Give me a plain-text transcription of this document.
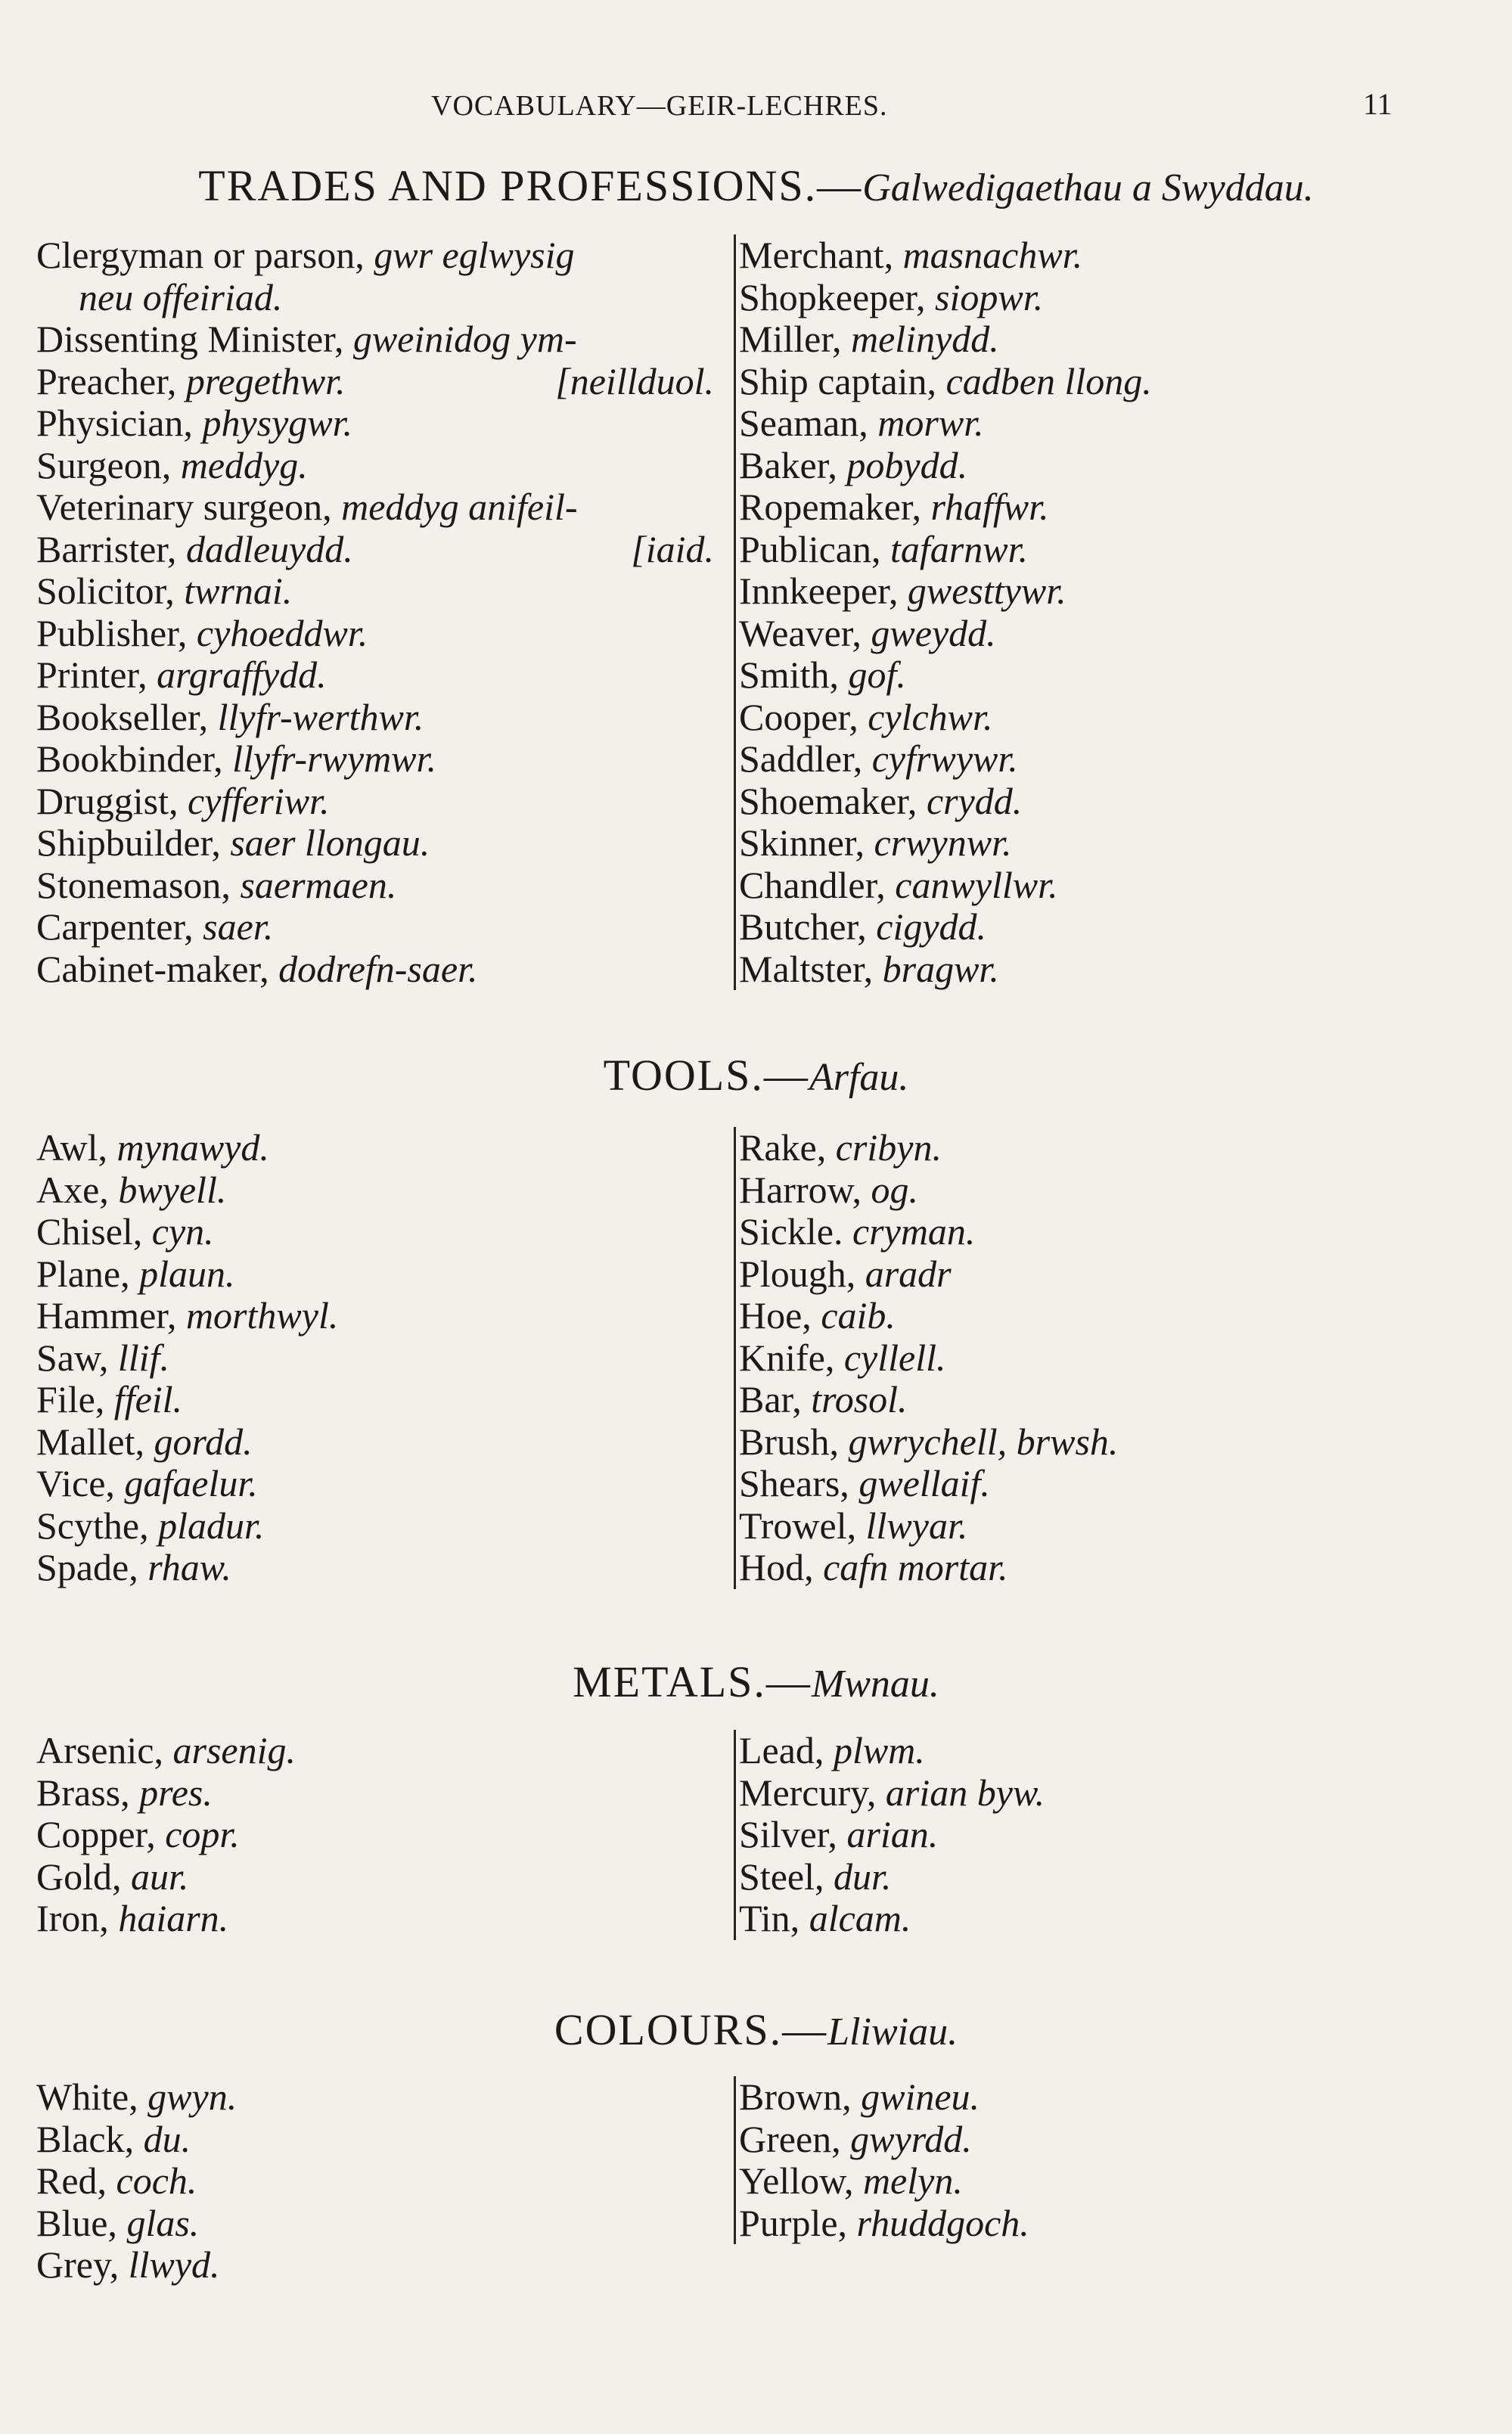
VOCABULARY—GEIR-LECHRES.	11
TRADES AND PROFESSIONS.—Galwedigaethau a Swyddau.
Clergyman or parson, gwr eglwysig
neu offeiriad.
Dissenting Minister, gweinidog ym-
Preacher, pregethwr.	[neillduol.
Physician, physygwr.
Surgeon, meddyg.
Veterinary surgeon, meddyg anifeil-
Barrister, dadleuydd.	[iaid.
Solicitor, twrnai.
Publisher, cyhoeddwr.
Printer, argraffydd.
Bookseller, llyfr-werthwr.
Bookbinder, llyfr-rwymwr.
Druggist, cyfferiwr.
Shipbuilder, saer llongau.
Stonemason, saermaen.
Carpenter, saer.
Cabinet-maker, dodrefn-saer.
Merchant, masnachwr.
Shopkeeper, siopwr.
Miller, melinydd.
Ship captain, cadben llong.
Seaman, morwr.
Baker, pobydd.
Ropemaker, rhaffwr.
Publican, tafarnwr.
Innkeeper, gwesttywr.
Weaver, gweydd.
Smith, gof.
Cooper, cylchwr.
Saddler, cyfrwywr.
Shoemaker, crydd.
Skinner, crwynwr.
Chandler, canwyllwr.
Butcher, cigydd.
Maltster, bragwr.
TOOLS.—Arfau.
Awl, mynawyd.
Axe, bwyell.
Chisel, cyn.
Plane, plaun.
Hammer, morthwyl.
Saw, llif.
File, ffeil.
Mallet, gordd.
Vice, gafaelur.
Scythe, pladur.
Spade, rhaw.
Rake, cribyn.
Harrow, og.
Sickle. cryman.
Plough, aradr
Hoe, caib.
Knife, cyllell.
Bar, trosol.
Brush, gwrychell, brwsh.
Shears, gwellaif.
Trowel, llwyar.
Hod, cafn mortar.
METALS.—Mwnau.
Arsenic, arsenig.
Brass, pres.
Copper, copr.
Gold, aur.
Iron, haiarn.
Lead, plwm.
Mercury, arian byw.
Silver, arian.
Steel, dur.
Tin, alcam.
COLOURS.—Lliwiau.
White, gwyn.
Black, du.
Red, coch.
Blue, glas.
Grey, llwyd.
Brown, gwineu.
Green, gwyrdd.
Yellow, melyn.
Purple, rhuddgoch.
